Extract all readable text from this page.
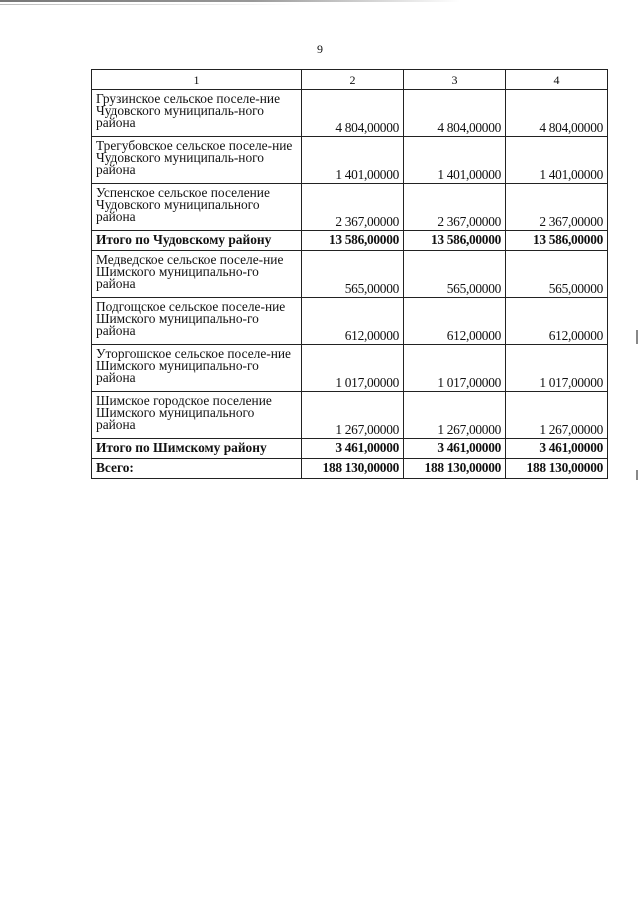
9
1	2	3	4
Грузинское сельское поселе-ние Чудовского муниципаль-ного района	4 804,00000	4 804,00000	4 804,00000
Трегубовское сельское поселе-ние Чудовского муниципаль-ного района	1 401,00000	1 401,00000	1 401,00000
Успенское сельское поселение Чудовского муниципального района	2 367,00000	2 367,00000	2 367,00000
Итого по Чудовскому району	13 586,00000	13 586,00000	13 586,00000
Медведское сельское поселе-ние Шимского муниципально-го района	565,00000	565,00000	565,00000
Подгощское сельское поселе-ние Шимского муниципально-го района	612,00000	612,00000	612,00000
Уторгошское сельское поселе-ние Шимского муниципально-го района	1 017,00000	1 017,00000	1 017,00000
Шимское городское поселение Шимского муниципального района	1 267,00000	1 267,00000	1 267,00000
Итого по Шимскому району	3 461,00000	3 461,00000	3 461,00000
Всего:	188 130,00000	188 130,00000	188 130,00000
